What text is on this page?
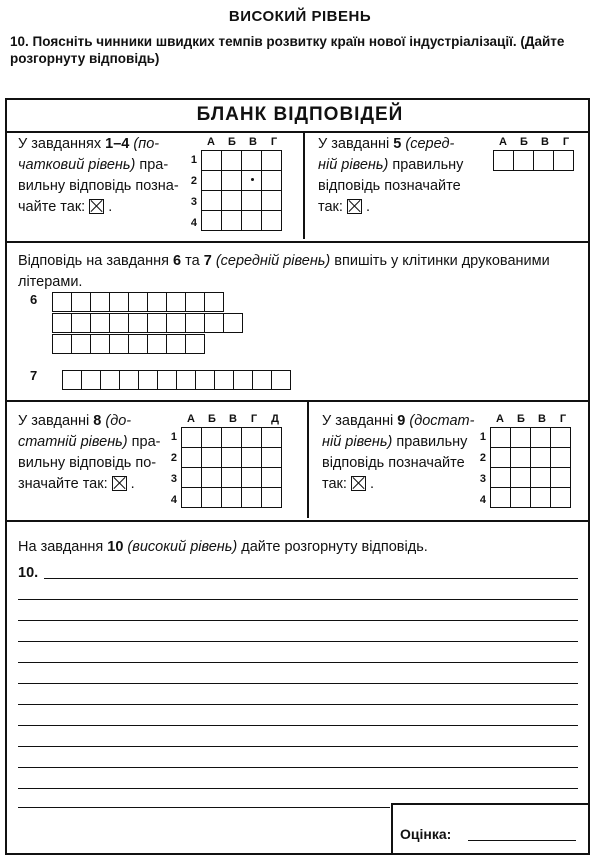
ВИСОКИЙ РІВЕНЬ
10. Поясніть чинники швидких темпів розвитку країн нової індустріалізації. (Дайте розгорнуту відповідь)
БЛАНК ВІДПОВІДЕЙ
У завданнях 1–4 (по-
чатковий рівень) пра-
вильну відповідь позна-
чайте так: ☒ .
А	Б	В	Г
1
2
3
4

У завданні 5 (серед-
ній рівень) правильну
відповідь позначайте
так: ☒ .
А	Б	В	Г

Відповідь на завдання 6 та 7 (середній рівень) впишіть у клітинки друкованими
літерами.
6

7

У завданні 8 (до-
статній рівень) пра-
вильну відповідь по-
значайте так: ☒ .
А	Б	В	Г	Д
1
2
3
4

У завданні 9 (достат-
ній рівень) правильну
відповідь позначайте
так: ☒ .
А	Б	В	Г
1
2
3
4

На завдання 10 (високий рівень) дайте розгорнуту відповідь.
10.
Оцінка:
